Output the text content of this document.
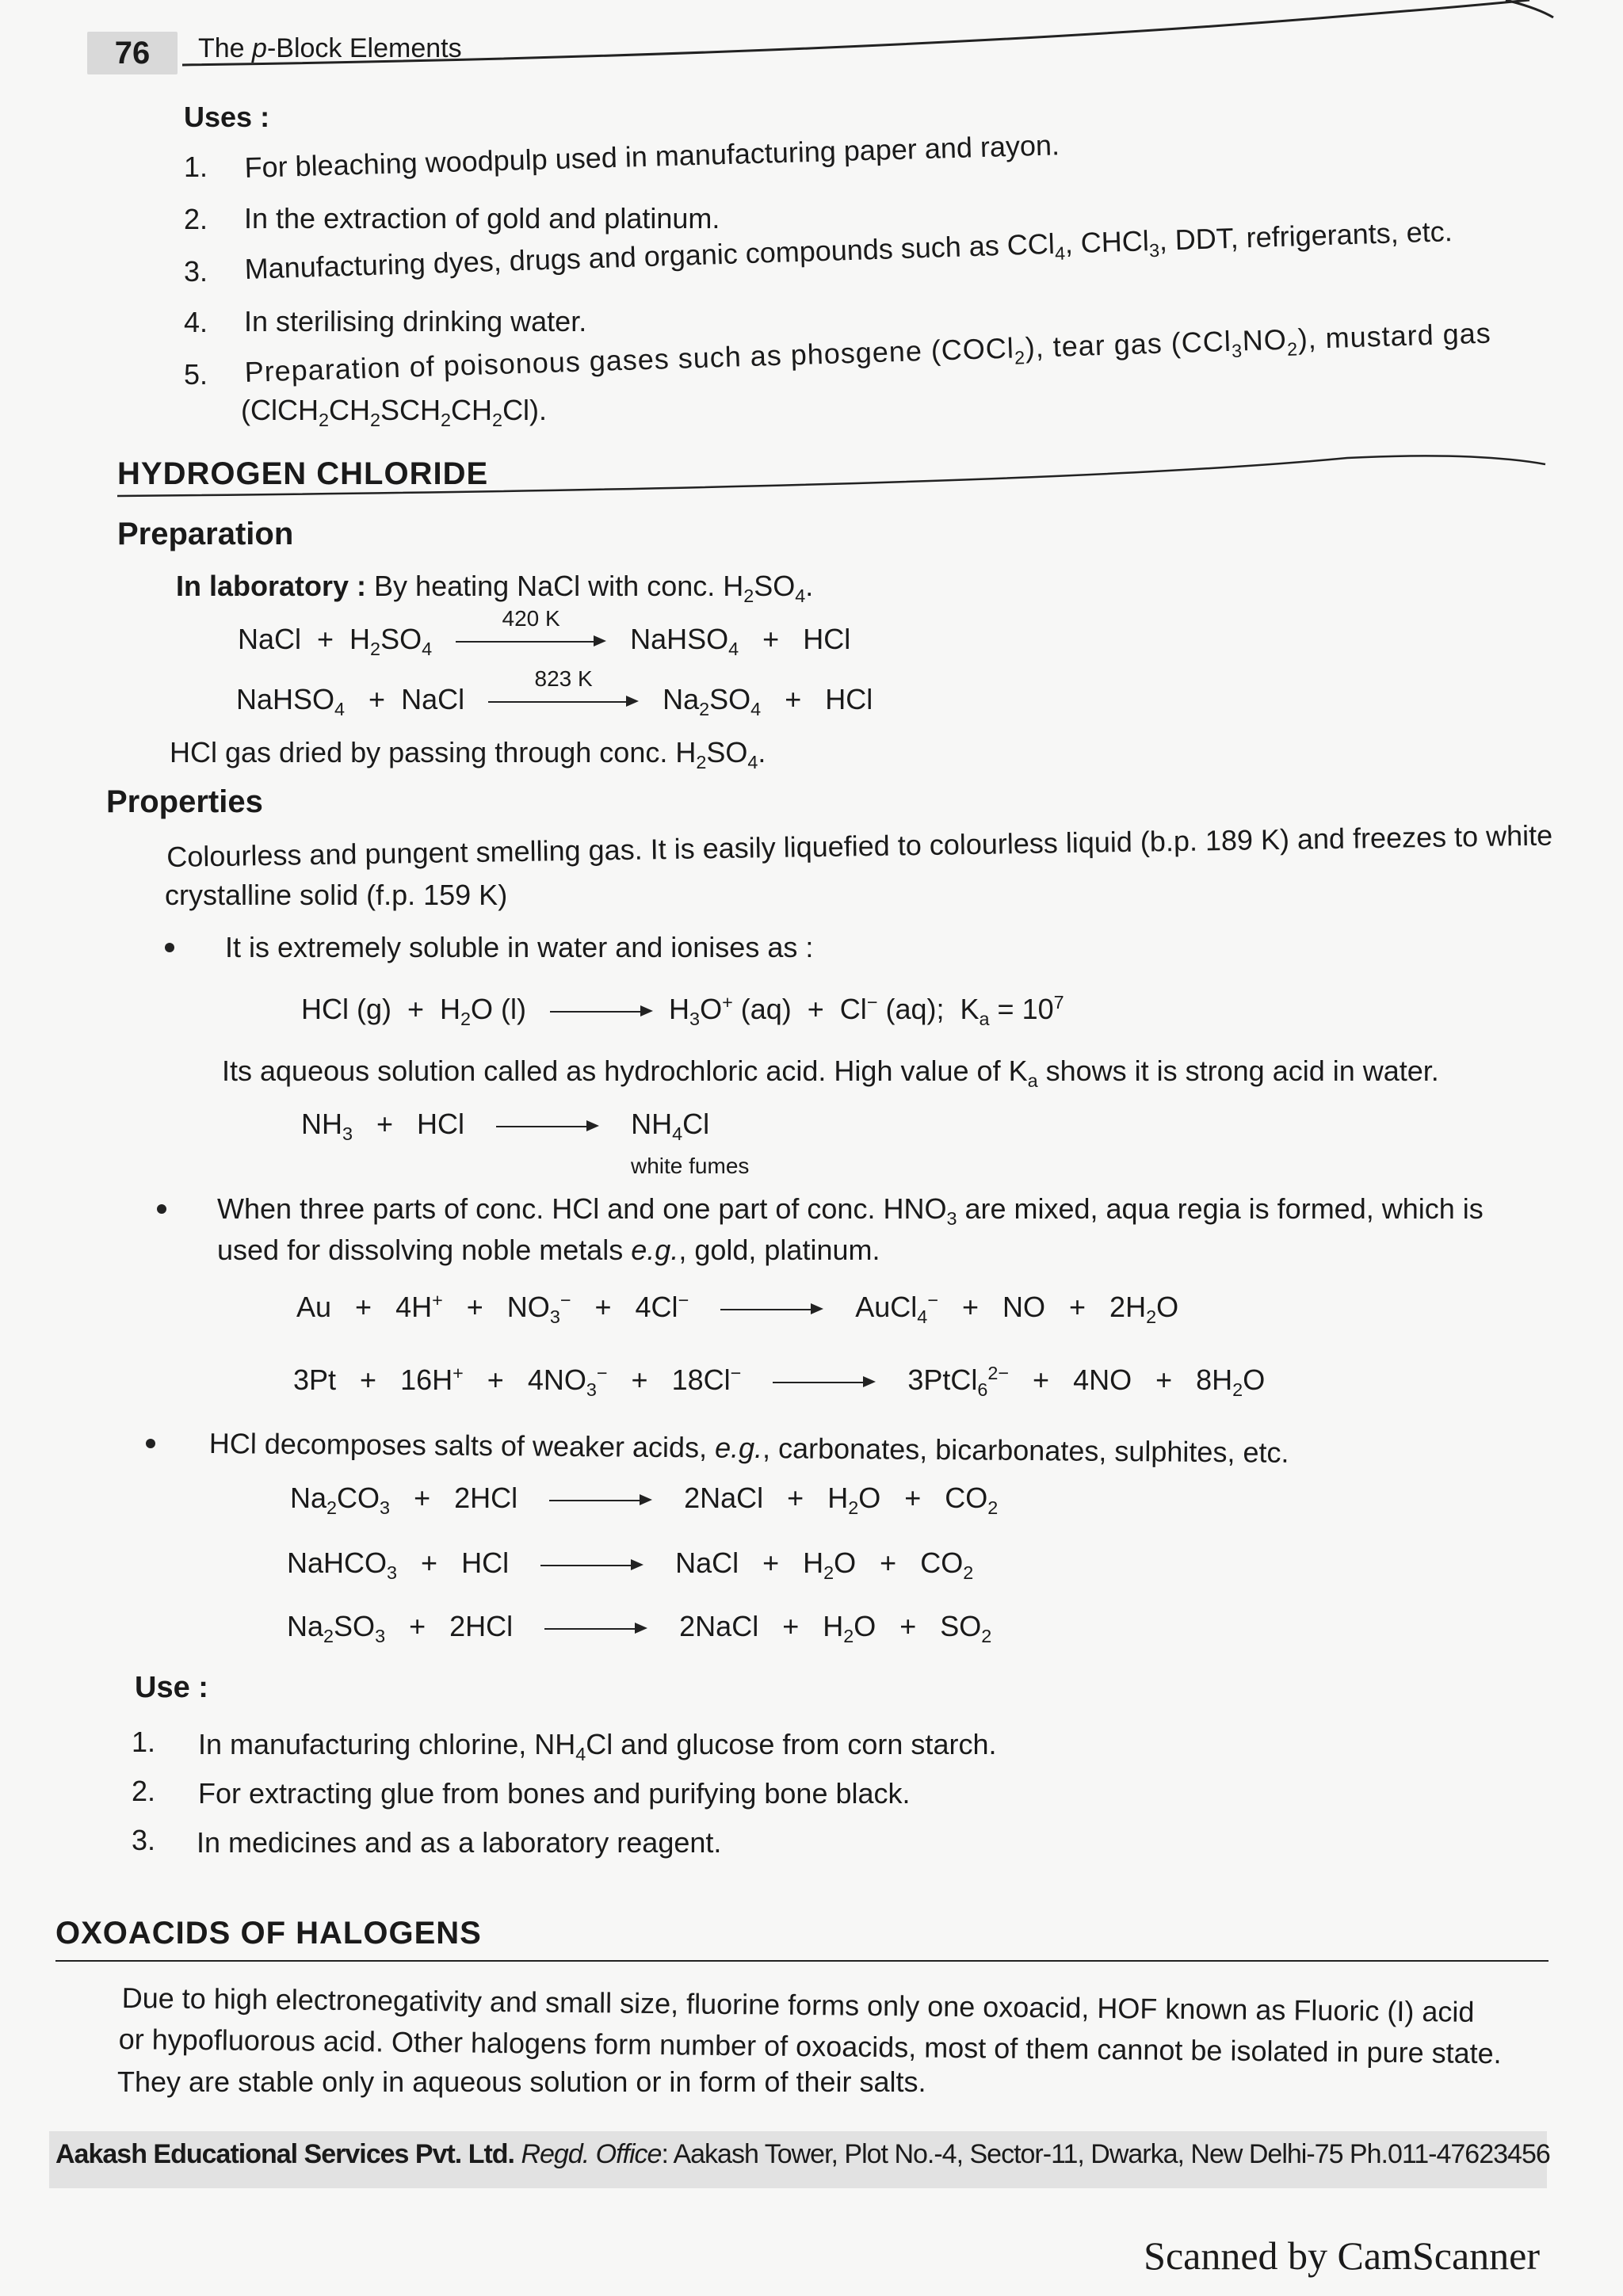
76	The p-Block Elements
Uses :
1. For bleaching woodpulp used in manufacturing paper and rayon.
2. In the extraction of gold and platinum.
3. Manufacturing dyes, drugs and organic compounds such as CCl$_4$, CHCl$_3$, DDT, refrigerants, etc.
4. In sterilising drinking water.
5. Preparation of poisonous gases such as phosgene (COCl$_2$), tear gas $(CCl_3NO_2)$, mustard gas
$(ClCH_2CH_2SCH_2CH_2Cl)$.
HYDROGEN CHLORIDE
Preparation
In laboratory : By heating NaCl with conc. $H_2SO_4$.
NaCl  +  $H_2SO_4$
420 K
NaHSO$_4$   +   HCl
NaHSO$_4$   +  NaCl
823 K
$Na_2SO_4$   +   HCl
HCl gas dried by passing through conc. $H_2SO_4$.
Properties
Colourless and pungent smelling gas. It is easily liquefied to colourless liquid (b.p. 189 K) and freezes to white
crystalline solid (f.p. 159 K)
It is extremely soluble in water and ionises as :
HCl $(g) + H_2O$ (l)	$H_3O^+$ (aq)  +  Cl− (aq);  $K_a = 10^7$
Its aqueous solution called as hydrochloric acid. High value of $K_a$ shows it is strong acid in water.
$NH_3$   +   HCl	$NH_4Cl$
white fumes
When three parts of conc. HCl and one part of conc. $HNO_3$ are mixed, aqua regia is formed, which is
used for dissolving noble metals e.g., gold, platinum.
$Au + 4H^+ + NO_3^- + 4Cl^-$	AuCl$_4$−   +   NO   +   $2H_2O$
$3Pt + 16H^+ + 4NO_3^- + 18Cl^-$	3PtCl$_6^{2-}$   +   $4NO + 8H_2O$
HCl decomposes salts of weaker acids, e.g., carbonates, bicarbonates, sulphites, etc.
$Na_2CO_3 + 2HCl$	2NaCl   +   $H_2O + CO_2$
NaHCO$_3$   +   HCl	NaCl   +   $H_2O + CO_2$
$Na_2SO_3 + 2HCl$	2NaCl   +   $H_2O + SO_2$
Use :
1. In manufacturing chlorine, $NH_4Cl$ and glucose from corn starch.
2. For extracting glue from bones and purifying bone black.
3. In medicines and as a laboratory reagent.
OXOACIDS OF HALOGENS
Due to high electronegativity and small size, fluorine forms only one oxoacid, HOF known as Fluoric (I) acid
or hypofluorous acid. Other halogens form number of oxoacids, most of them cannot be isolated in pure state.
They are stable only in aqueous solution or in form of their salts.
Aakash Educational Services Pvt. Ltd. Regd. Office: Aakash Tower, Plot No.-4, Sector-11, Dwarka, New Delhi-75 Ph.011-47623456
Scanned by CamScanner
